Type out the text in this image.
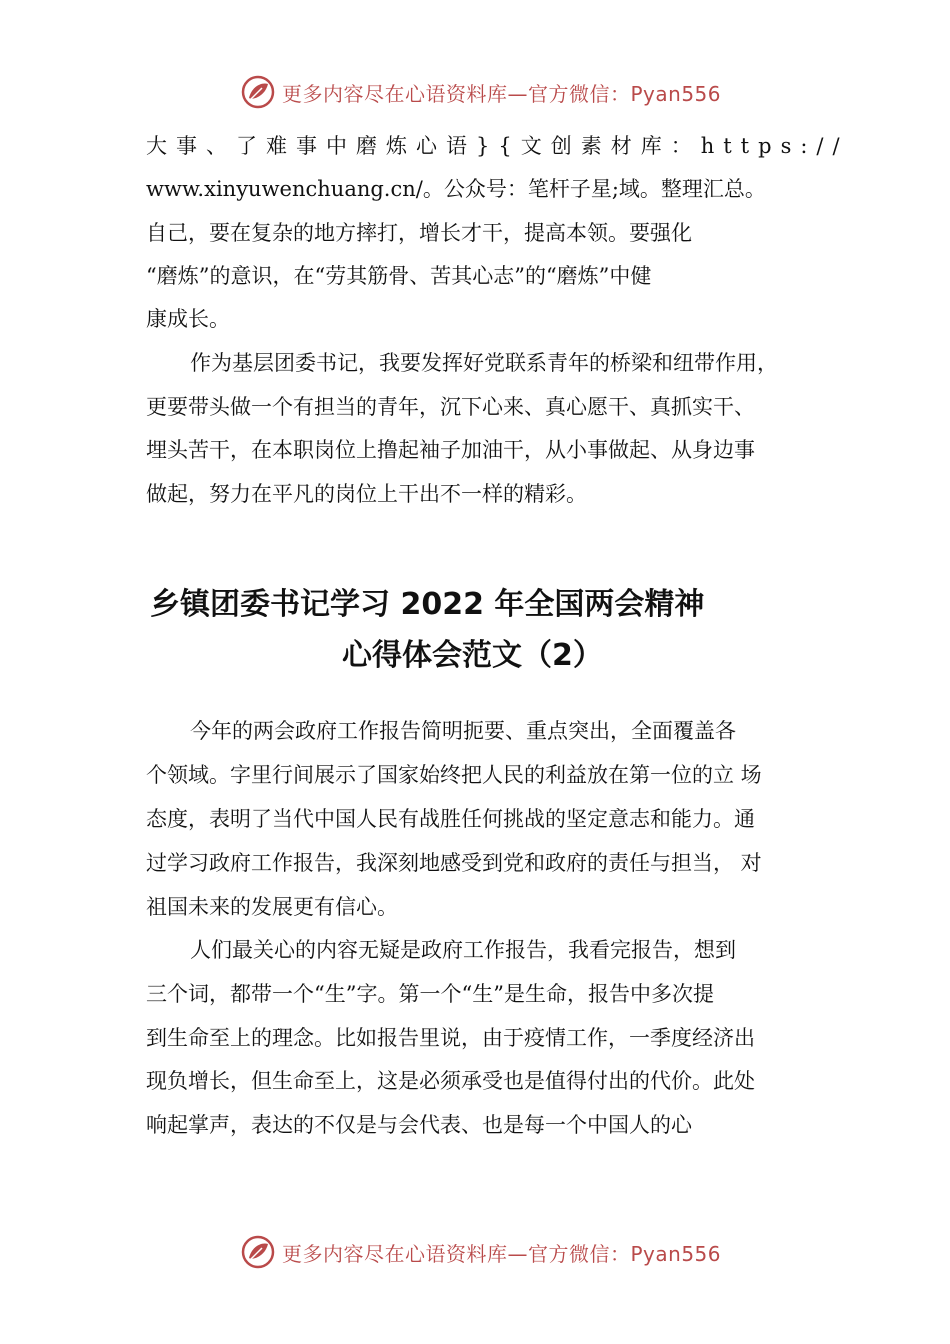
更多内容尽在心语资料库—官方微信：Pyan556
大事、了难事中磨炼心语}{文创素材库：https://
www.xinyuwenchuang.cn/。公众号：笔杆子星;域。整理汇总。
自己，要在复杂的地方摔打，增长才干，提高本领。要强化
“磨炼”的意识，在“劳其筋骨、苦其心志”的“磨炼”中健
康成长。
作为基层团委书记，我要发挥好党联系青年的桥梁和纽带作用，
更要带头做一个有担当的青年，沉下心来、真心愿干、真抓实干、
埋头苦干，在本职岗位上撸起袖子加油干，从小事做起、从身边事
做起，努力在平凡的岗位上干出不一样的精彩。
乡镇团委书记学习 2022 年全国两会精神
心得体会范文（2）
今年的两会政府工作报告简明扼要、重点突出，全面覆盖各
个领域。字里行间展示了国家始终把人民的利益放在第一位的立 场
态度，表明了当代中国人民有战胜任何挑战的坚定意志和能力。通
过学习政府工作报告，我深刻地感受到党和政府的责任与担当， 对
祖国未来的发展更有信心。
人们最关心的内容无疑是政府工作报告，我看完报告，想到
三个词，都带一个“生”字。第一个“生”是生命，报告中多次提
到生命至上的理念。比如报告里说，由于疫情工作，一季度经济出
现负增长，但生命至上，这是必须承受也是值得付出的代价。此处
响起掌声，表达的不仅是与会代表、也是每一个中国人的心
更多内容尽在心语资料库—官方微信：Pyan556
